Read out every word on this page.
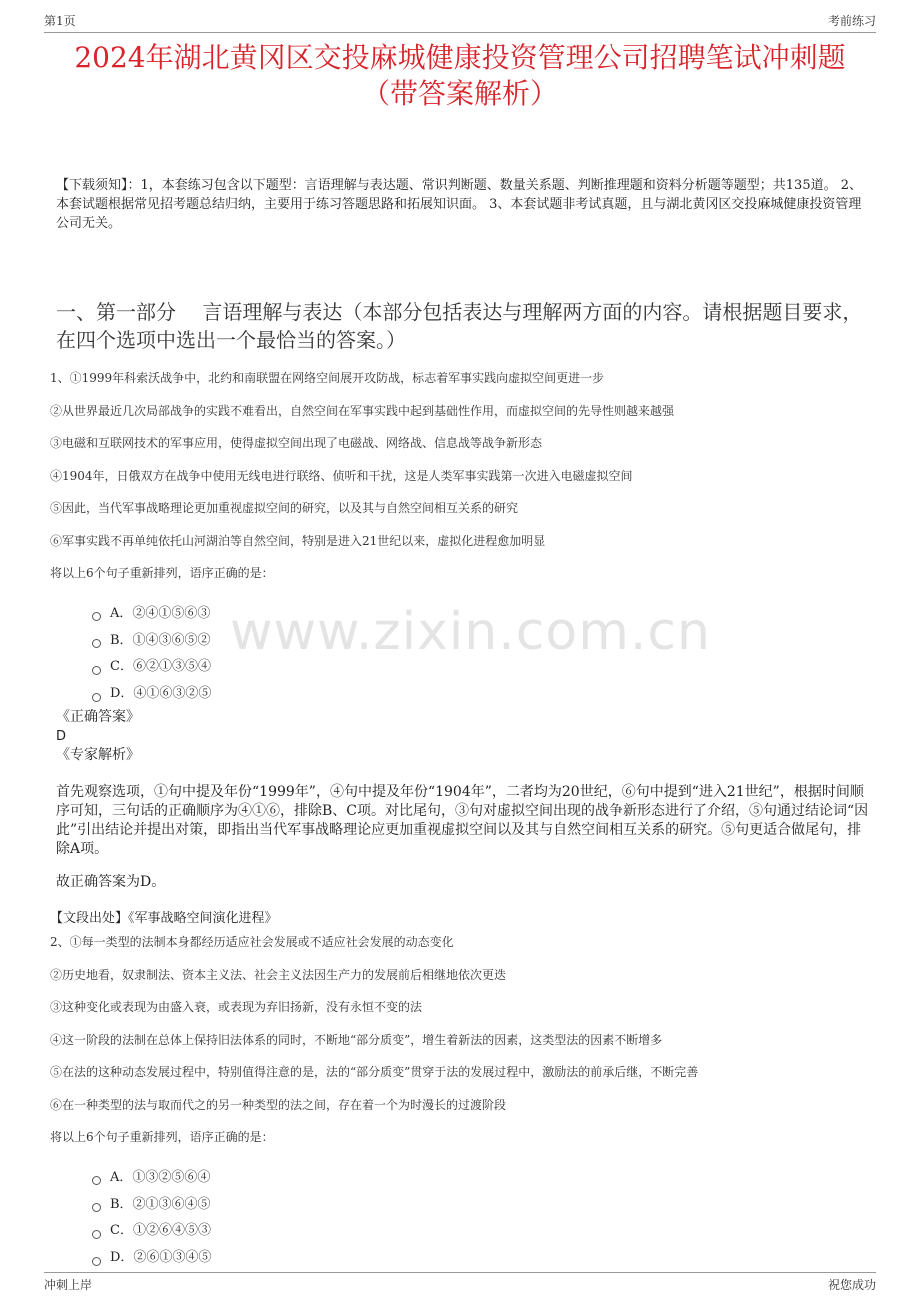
第1页	考前练习
www.zixin.com.cn
2024年湖北黄冈区交投麻城健康投资管理公司招聘笔试冲刺题
（带答案解析）
【下载须知】：1，本套练习包含以下题型：言语理解与表达题、常识判断题、数量关系题、判断推理题和资料分析题等题型；共135道。 2、本套试题根据常见招考题总结归纳，主要用于练习答题思路和拓展知识面。 3、本套试题非考试真题，且与湖北黄冈区交投麻城健康投资管理公司无关。
一、第一部分　 言语理解与表达（本部分包括表达与理解两方面的内容。请根据题目要求，在四个选项中选出一个最恰当的答案。）
1、①1999年科索沃战争中，北约和南联盟在网络空间展开攻防战，标志着军事实践向虚拟空间更进一步
②从世界最近几次局部战争的实践不难看出，自然空间在军事实践中起到基础性作用，而虚拟空间的先导性则越来越强
③电磁和互联网技术的军事应用，使得虚拟空间出现了电磁战、网络战、信息战等战争新形态
④1904年，日俄双方在战争中使用无线电进行联络、侦听和干扰，这是人类军事实践第一次进入电磁虚拟空间
⑤因此，当代军事战略理论更加重视虚拟空间的研究，以及其与自然空间相互关系的研究
⑥军事实践不再单纯依托山河湖泊等自然空间，特别是进入21世纪以来，虚拟化进程愈加明显
将以上6个句子重新排列，语序正确的是：
A．②④①⑤⑥③
B．①④③⑥⑤②
C．⑥②①③⑤④
D．④①⑥③②⑤
《正确答案》
D
《专家解析》
首先观察选项，①句中提及年份“1999年”，④句中提及年份“1904年”，二者均为20世纪，⑥句中提到“进入21世纪”，根据时间顺序可知，三句话的正确顺序为④①⑥，排除B、C项。对比尾句，③句对虚拟空间出现的战争新形态进行了介绍，⑤句通过结论词“因此”引出结论并提出对策，即指出当代军事战略理论应更加重视虚拟空间以及其与自然空间相互关系的研究。⑤句更适合做尾句，排除A项。
故正确答案为D。
【文段出处】《军事战略空间演化进程》
2、①每一类型的法制本身都经历适应社会发展或不适应社会发展的动态变化
②历史地看，奴隶制法、资本主义法、社会主义法因生产力的发展前后相继地依次更迭
③这种变化或表现为由盛入衰，或表现为弃旧扬新，没有永恒不变的法
④这一阶段的法制在总体上保持旧法体系的同时，不断地“部分质变”，增生着新法的因素，这类型法的因素不断增多
⑤在法的这种动态发展过程中，特别值得注意的是，法的“部分质变”贯穿于法的发展过程中，激励法的前承后继，不断完善
⑥在一种类型的法与取而代之的另一种类型的法之间，存在着一个为时漫长的过渡阶段
将以上6个句子重新排列，语序正确的是：
A．①③②⑤⑥④
B．②①③⑥④⑤
C．①②⑥④⑤③
D．②⑥①③④⑤
冲刺上岸	祝您成功
